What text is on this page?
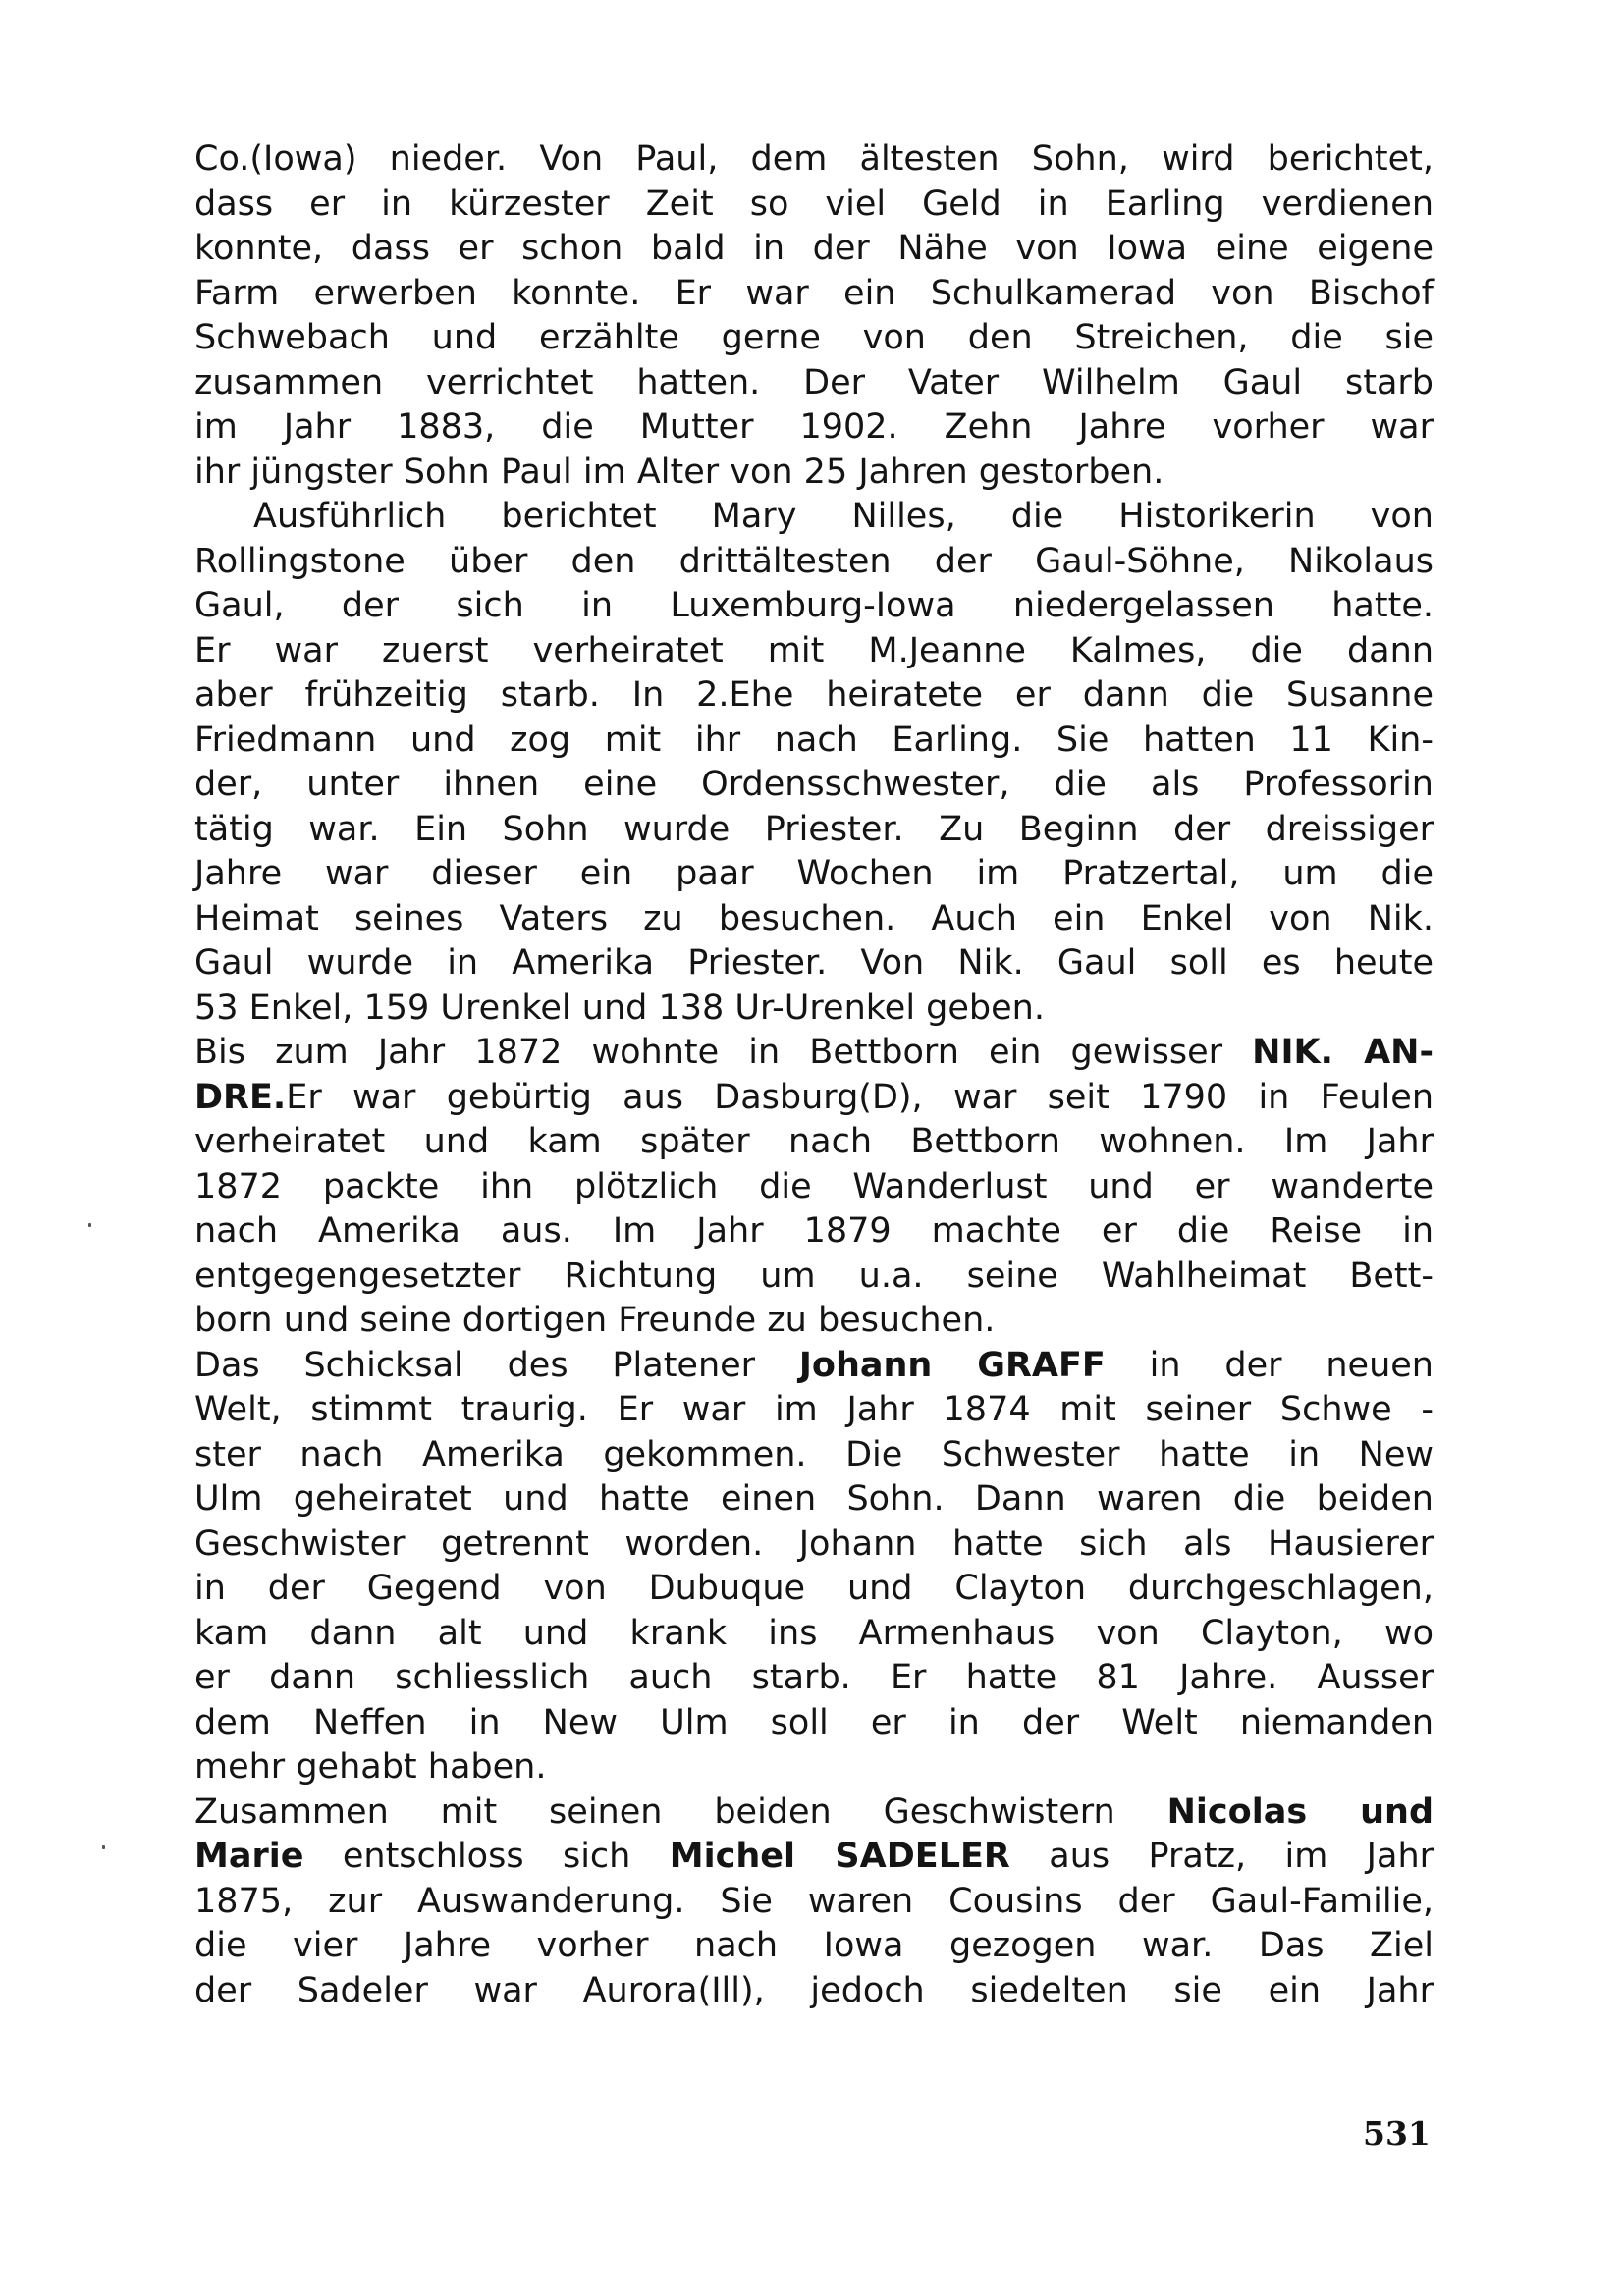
Co.(Iowa) nieder. Von Paul, dem ältesten Sohn, wird berichtet,
dass er in kürzester Zeit so viel Geld in Earling verdienen
konnte, dass er schon bald in der Nähe von Iowa eine eigene
Farm erwerben konnte. Er war ein Schulkamerad von Bischof
Schwebach und erzählte gerne von den Streichen, die sie
zusammen verrichtet hatten. Der Vater Wilhelm Gaul starb
im Jahr 1883, die Mutter 1902. Zehn Jahre vorher war
ihr jüngster Sohn Paul im Alter von 25 Jahren gestorben.
Ausführlich berichtet Mary Nilles, die Historikerin von
Rollingstone über den drittältesten der Gaul-Söhne, Nikolaus
Gaul, der sich in Luxemburg-Iowa niedergelassen hatte.
Er war zuerst verheiratet mit M.Jeanne Kalmes, die dann
aber frühzeitig starb. In 2.Ehe heiratete er dann die Susanne
Friedmann und zog mit ihr nach Earling. Sie hatten 11 Kin-
der, unter ihnen eine Ordensschwester, die als Professorin
tätig war. Ein Sohn wurde Priester. Zu Beginn der dreissiger
Jahre war dieser ein paar Wochen im Pratzertal, um die
Heimat seines Vaters zu besuchen. Auch ein Enkel von Nik.
Gaul wurde in Amerika Priester. Von Nik. Gaul soll es heute
53 Enkel, 159 Urenkel und 138 Ur-Urenkel geben.
Bis zum Jahr 1872 wohnte in Bettborn ein gewisser NIK. AN-
DRE.Er war gebürtig aus Dasburg(D), war seit 1790 in Feulen
verheiratet und kam später nach Bettborn wohnen. Im Jahr
1872 packte ihn plötzlich die Wanderlust und er wanderte
nach Amerika aus. Im Jahr 1879 machte er die Reise in
entgegengesetzter Richtung um u.a. seine Wahlheimat Bett-
born und seine dortigen Freunde zu besuchen.
Das Schicksal des Platener Johann GRAFF in der neuen
Welt, stimmt traurig. Er war im Jahr 1874 mit seiner Schwe -
ster nach Amerika gekommen. Die Schwester hatte in New
Ulm geheiratet und hatte einen Sohn. Dann waren die beiden
Geschwister getrennt worden. Johann hatte sich als Hausierer
in der Gegend von Dubuque und Clayton durchgeschlagen,
kam dann alt und krank ins Armenhaus von Clayton, wo
er dann schliesslich auch starb. Er hatte 81 Jahre. Ausser
dem Neffen in New Ulm soll er in der Welt niemanden
mehr gehabt haben.
Zusammen mit seinen beiden Geschwistern Nicolas und
Marie entschloss sich Michel SADELER aus Pratz, im Jahr
1875, zur Auswanderung. Sie waren Cousins der Gaul-Familie,
die vier Jahre vorher nach Iowa gezogen war. Das Ziel
der Sadeler war Aurora(Ill), jedoch siedelten sie ein Jahr
531
